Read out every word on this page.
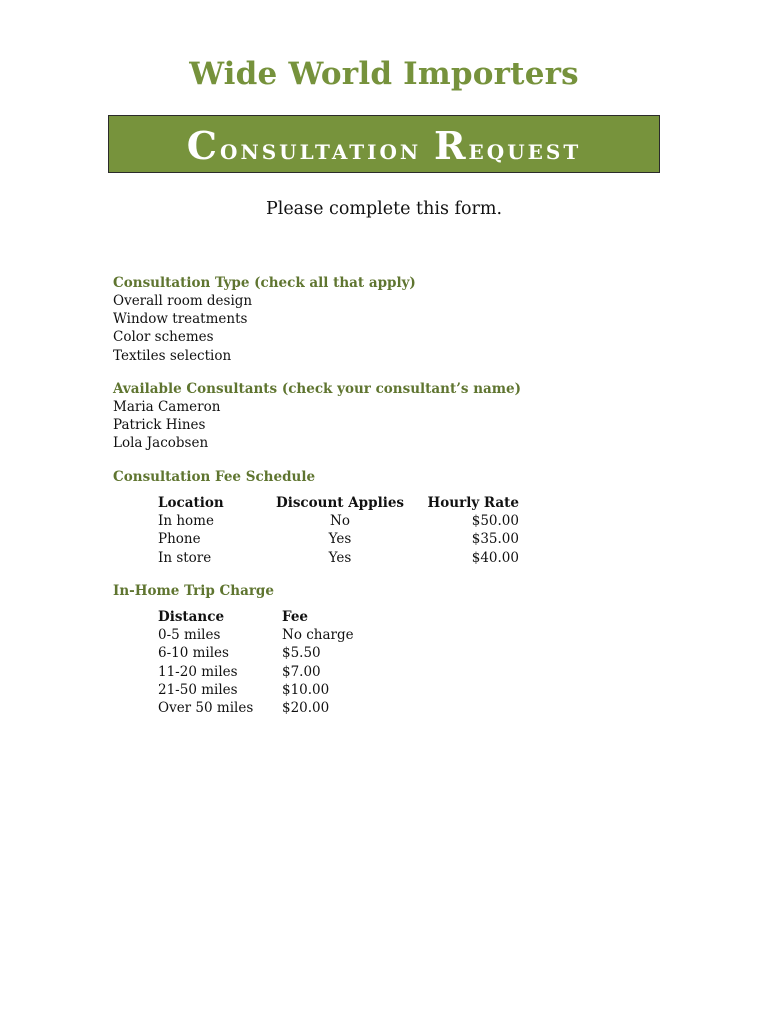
Wide World Importers
Consultation Request
Please complete this form.
Consultation Type (check all that apply)
Overall room design
Window treatments
Color schemes
Textiles selection
Available Consultants (check your consultant’s name)
Maria Cameron
Patrick Hines
Lola Jacobsen
Consultation Fee Schedule
Location	Discount Applies	Hourly Rate
In home	No	$50.00
Phone	Yes	$35.00
In store	Yes	$40.00
In-Home Trip Charge
Distance	Fee
0-5 miles	No charge
6-10 miles	$5.50
11-20 miles	$7.00
21-50 miles	$10.00
Over 50 miles $20.00
